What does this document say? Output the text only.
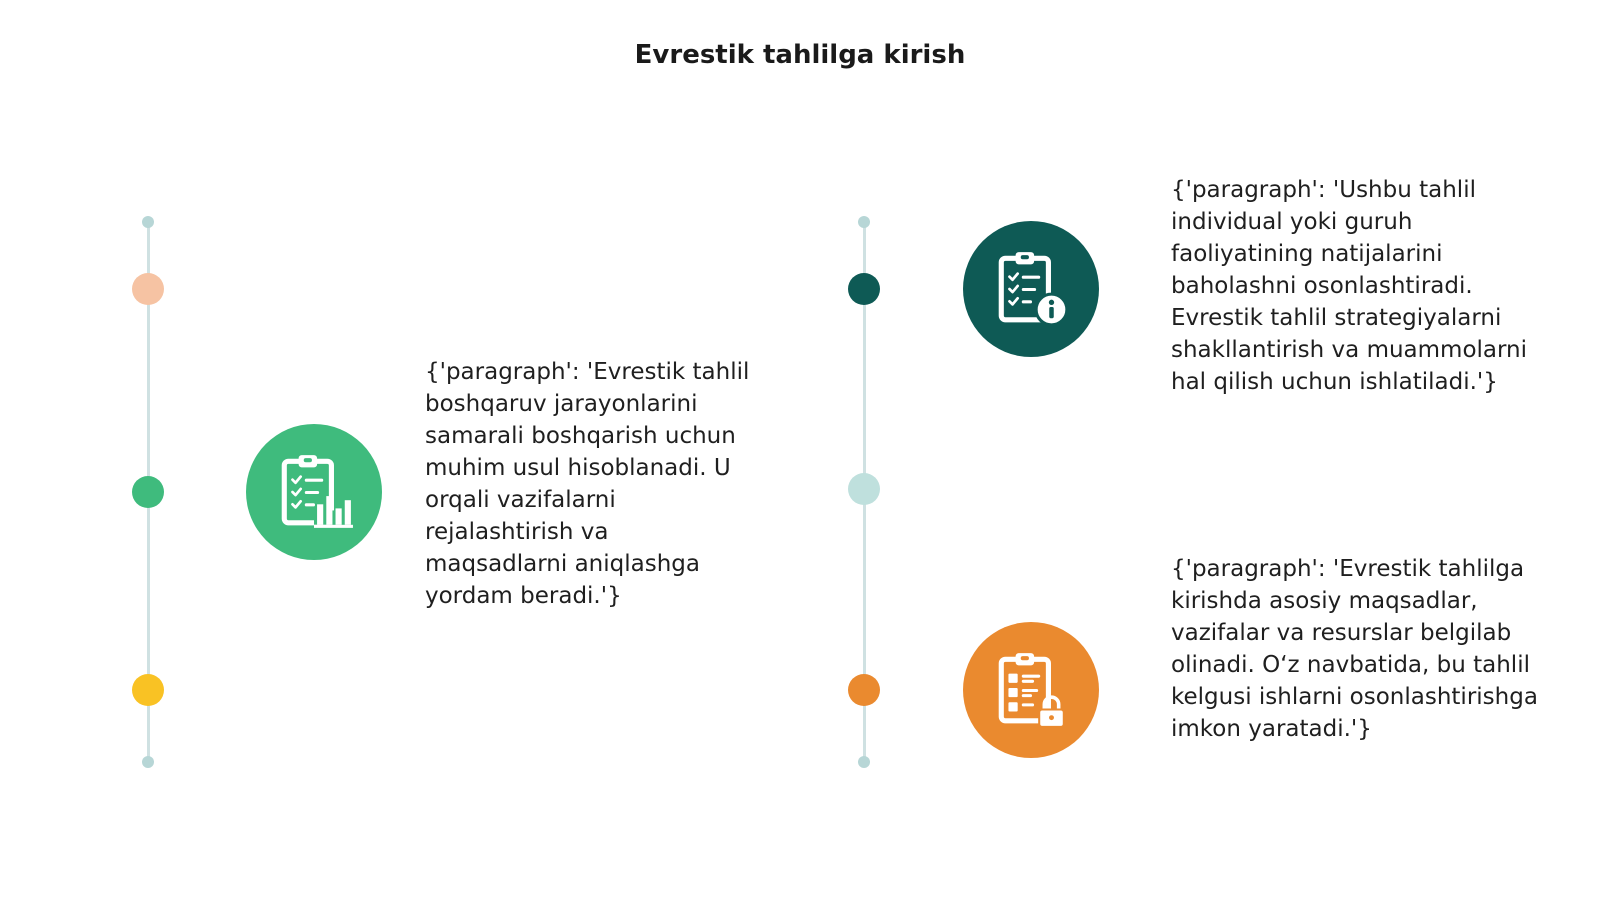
Evrestik tahlilga kirish

{'paragraph': 'Evrestik tahlil boshqaruv jarayonlarini samarali boshqarish uchun muhim usul hisoblanadi. U orqali vazifalarni rejalashtirish va maqsadlarni aniqlashga yordam beradi.'}

{'paragraph': 'Ushbu tahlil individual yoki guruh faoliyatining natijalarini baholashni osonlashtiradi. Evrestik tahlil strategiyalarni shakllantirish va muammolarni hal qilish uchun ishlatiladi.'}

{'paragraph': 'Evrestik tahlilga kirishda asosiy maqsadlar, vazifalar va resurslar belgilab olinadi. O‘z navbatida, bu tahlil kelgusi ishlarni osonlashtirishga imkon yaratadi.'}
